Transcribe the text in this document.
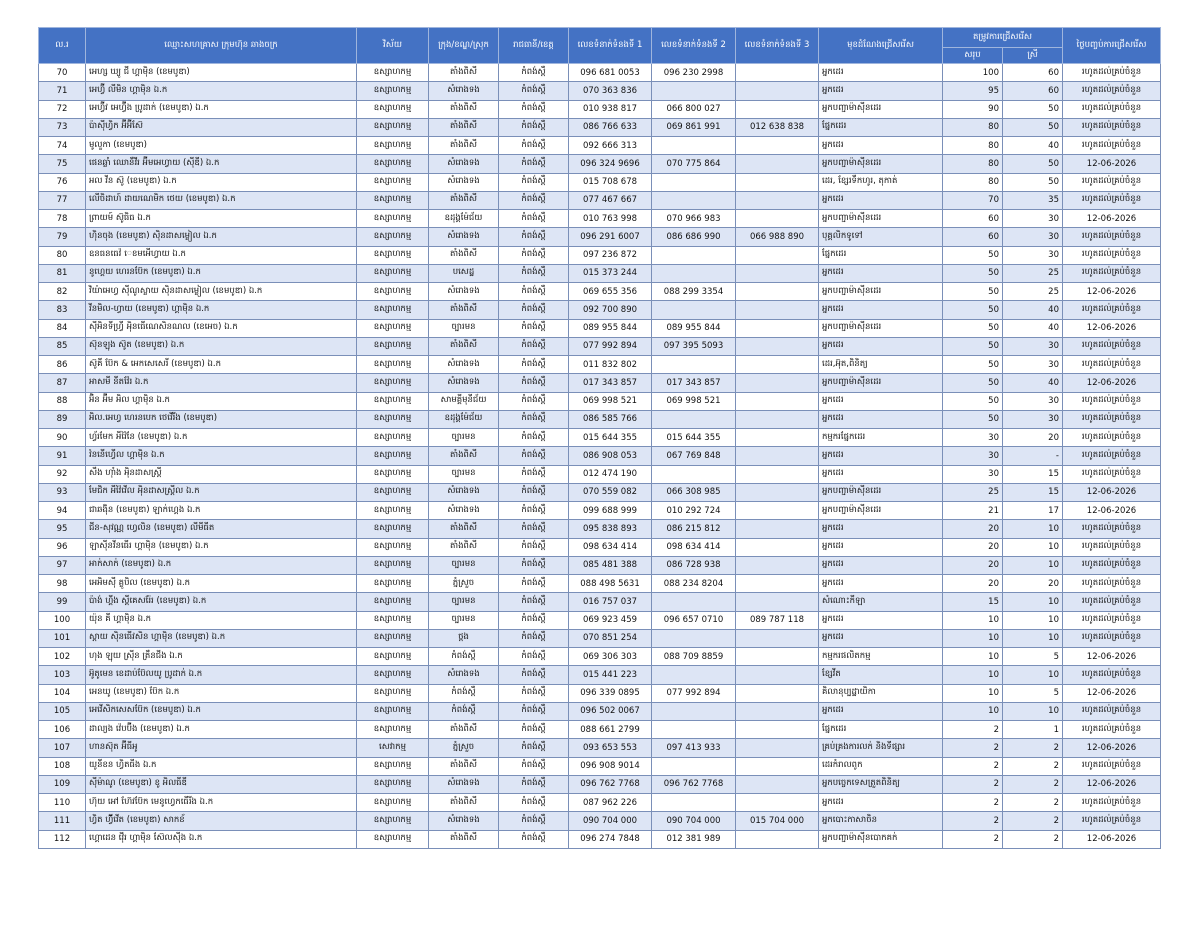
ល.រ	ឈ្មោះសហគ្រាស ក្រុមហ៊ុន ឆាងចក្រ	វិស័យ	ក្រុង/ខណ្ឌ/ស្រុក	រាជធានី/ខេត្ត	លេខទំនាក់ទំនងទី 1	លេខទំនាក់ទំនងទី 2	លេខទំនាក់ទំនងទី 3	មុខដំណែងជ្រើសរើស	តម្រូវការជ្រើសរើស		ថ្ងៃបញ្ចប់ការជ្រើសរើស
									សរុប	ស្រី	
70	អេហ្ស ឃ្យូ ជី ហ្គាម៉ិន (ខេមបូឌា)	ឧស្សាហកម្ម	តាំងពិសី	កំពង់ស្ពឺ	096 681 0053	096 230 2998		អ្នកដេរ	100	60	រហូតដល់គ្រប់ចំនួន
71	អេហ្វ៊ី លីមិន ហ្គាម៉ិន ឯ.ក	ឧស្សាហកម្ម	សំរោងទង	កំពង់ស្ពឺ	070 363 836			អ្នកដេរ	95	60	រហូតដល់គ្រប់ចំនួន
72	អេហ្វ៊ីវ អេហ្វ៊ីង ប្រូដាក់ (ខេមបូឌា) ឯ.ក	ឧស្សាហកម្ម	តាំងពិសី	កំពង់ស្ពឺ	010 938 817	066 800 027		អ្នកបញ្ជាម៉ាស៊ីនដេរ	90	50	រហូតដល់គ្រប់ចំនួន
73	ប៉ាស៊ីហ្វិក អ៊ីអ៊ីស៊ែ	ឧស្សាហកម្ម	តាំងពិសី	កំពង់ស្ពឺ	086 766 633	069 861 991	012 638 838	ផ្នែកដេរ	80	50	រហូតដល់គ្រប់ចំនួន
74	មូលួកា (ខេមបូឌា)	ឧស្សាហកម្ម	តាំងពិសី	កំពង់ស្ពឺ	092 666 313			អ្នកដេរ	80	40	រហូតដល់គ្រប់ចំនួន
75	ផេនឆ្លាំ ឈោនឹវីរ អ៊ីមអេហ្វាយ (ស៊ីឌី) ឯ.ក	ឧស្សាហកម្ម	សំរោងទង	កំពង់ស្ពឺ	096 324 9696	070 775 864		អ្នកបញ្ជាម៉ាស៊ីនដេរ	80	50	12-06-2026
76	អល វីន ស៊ូ (ខេមបូឌា) ឯ.ក	ឧស្សាហកម្ម	សំរោងទង	កំពង់ស្ពឺ	015 708 678			ដេរ, ខ្សែរទឹកហូរ, តុកាត់	80	50	រហូតដល់គ្រប់ចំនួន
77	លើចិដាហ៍ ដាយណេមិក ថេយ (ខេមបូឌា) ឯ.ក	ឧស្សាហកម្ម	តាំងពិសី	កំពង់ស្ពឺ	077 467 667			អ្នកដេរ	70	35	រហូតដល់គ្រប់ចំនួន
78	ព្រាយម៍ ស៊ូធិធ ឯ.ក	ឧស្សាហកម្ម	ឧដុង្គម៉ែជ័យ	កំពង់ស្ពឺ	010 763 998	070 966 983		អ្នកបញ្ជាម៉ាស៊ីនដេរ	60	30	12-06-2026
79	ហ៊ិនចុង (ខេមបូឌា) ស៊ិនដាសម្លៀល ឯ.ក	ឧស្សាហកម្ម	សំរោងទង	កំពង់ស្ពឺ	096 291 6007	086 686 990	066 988 890	បុគ្គលិកទូទៅ	60	30	រហូតដល់គ្រប់ចំនួន
80	ឧនធនធេវ៉ េខមអើហ្វាយ ឯ.ក	ឧស្សាហកម្ម	តាំងពិសី	កំពង់ស្ពឺ	097 236 872			ផ្នែកដេរ	50	30	រហូតដល់គ្រប់ចំនួន
81	នូហ្គេយ ហេរនប៊ែក (ខេមបូឌា) ឯ.ក	ឧស្សាហកម្ម	បសេដ្ឋ	កំពង់ស្ពឺ	015 373 244			អ្នកដេរ	50	25	រហូតដល់គ្រប់ចំនួន
82	វិយ៉ាអេហ្វ ស៊ីណូស្លាយ ស៊ិនដាសម្លៀល (ខេមបូឌា) ឯ.ក	ឧស្សាហកម្ម	សំរោងទង	កំពង់ស្ពឺ	069 655 356	088 299 3354		អ្នកបញ្ជាម៉ាស៊ីនដេរ	50	25	12-06-2026
83	វីនមិល-ហ្វាយ (ខេមបូឌា) ហ្គាម៉ិន ឯ.ក	ឧស្សាហកម្ម	តាំងពិសី	កំពង់ស្ពឺ	092 700 890			អ្នកដេរ	50	40	រហូតដល់គ្រប់ចំនួន
84	ស៊ីអិនទីហ្វ្រី អុិនធើណេសិនណល (ខេអេច) ឯ.ក	ឧស្សាហកម្ម	ច្បារមន	កំពង់ស្ពឺ	089 955 844	089 955 844		អ្នកបញ្ជាម៉ាស៊ីនដេរ	50	40	12-06-2026
85	ស៊ុនឡុង ស៊ូត (ខេមបូឌា) ឯ.ក	ឧស្សាហកម្ម	តាំងពិសី	កំពង់ស្ពឺ	077 992 894	097 395 5093		អ្នកដេរ	50	30	រហូតដល់គ្រប់ចំនួន
86	ស៊ូគី ប៊ែក & អេកសេសេរី (ខេមបូឌា) ឯ.ក	ឧស្សាហកម្ម	សំរោងទង	កំពង់ស្ពឺ	011 832 802			ដេរ,អ៊ុត,ពិនិត្យ	50	30	រហូតដល់គ្រប់ចំនួន
87	អាសមី នីតវ៉ែរ ឯ.ក	ឧស្សាហកម្ម	សំរោងទង	កំពង់ស្ពឺ	017 343 857	017 343 857		អ្នកបញ្ជាម៉ាស៊ីនដេរ	50	40	12-06-2026
88	អ៊ិន អ៊ីម អិល ហ្គាម៉ិន ឯ.ក	ឧស្សាហកម្ម	សាមគ្គីមុនីជ័យ	កំពង់ស្ពឺ	069 998 521	069 998 521		អ្នកដេរ	50	30	រហូតដល់គ្រប់ចំនួន
89	អិល.អេហ្វ ហេរនបេក ថេវើរីង (ខេមបូឌា)	ឧស្សាហកម្ម	ឧដុង្គម៉ែជ័យ	កំពង់ស្ពឺ	086 585 766			អ្នកដេរ	50	30	រហូតដល់គ្រប់ចំនួន
90	ហ្វ័រមែក អីវ៉ៃនែ (ខេមបូឌា) ឯ.ក	ឧស្សាហកម្ម	ច្បារមន	កំពង់ស្ពឺ	015 644 355	015 644 355		កម្មករផ្នែកដេរ	30	20	រហូតដល់គ្រប់ចំនួន
91	វ៉ននើហ្វើល ហ្គាម៉ិន ឯ.ក	ឧស្សាហកម្ម	តាំងពិសី	កំពង់ស្ពឺ	086 908 053	067 769 848		អ្នកដេរ	30	-	រហូតដល់គ្រប់ចំនួន
92	សឹង ហ៊ាំង អុិនដាសស្ត្រី	ឧស្សាហកម្ម	ច្បារមន	កំពង់ស្ពឺ	012 474 190			អ្នកដេរ	30	15	រហូតដល់គ្រប់ចំនួន
93	មែជិក អីវ៉ៃវើល អុិនដាសស្ត្រីល ឯ.ក	ឧស្សាហកម្ម	សំរោងទង	កំពង់ស្ពឺ	070 559 082	066 308 985		អ្នកបញ្ជាម៉ាស៊ីនដេរ	25	15	12-06-2026
94	ជាឆង៉ិន (ខេមបូឌា) ឡាក់ហ្គេង ឯ.ក	ឧស្សាហកម្ម	សំរោងទង	កំពង់ស្ពឺ	099 688 999	010 292 724		អ្នកបញ្ជាម៉ាស៊ីនដេរ	21	17	12-06-2026
95	ជីន-សុវណ្ណ ហ្វេលិន (ខេមបូឌា) លីមីធីត	ឧស្សាហកម្ម	តាំងពិសី	កំពង់ស្ពឺ	095 838 893	086 215 812		អ្នកដេរ	20	10	រហូតដល់គ្រប់ចំនួន
96	ឡាស៊ីនវីនធើរ ហ្គាម៉ិន (ខេមបូឌា) ឯ.ក	ឧស្សាហកម្ម	តាំងពិសី	កំពង់ស្ពឺ	098 634 414	098 634 414		អ្នកដេរ	20	10	រហូតដល់គ្រប់ចំនួន
97	អាក់សាក់ (ខេមបូឌា) ឯ.ក	ឧស្សាហកម្ម	ច្បារមន	កំពង់ស្ពឺ	085 481 388	086 728 938		អ្នកដេរ	20	10	រហូតដល់គ្រប់ចំនួន
98	អេអិមស៊ី គ្លូបិល (ខេមបូឌា) ឯ.ក	ឧស្សាហកម្ម	ភ្នំស្រួច	កំពង់ស្ពឺ	088 498 5631	088 234 8204		អ្នកដេរ	20	20	រហូតដល់គ្រប់ចំនួន
99	ប៉ាង់ ហ្គីង ស្តីគេសរ៉ែរ (ខេមបូឌា) ឯ.ក	ឧស្សាហកម្ម	ច្បារមន	កំពង់ស្ពឺ	016 757 037			សំណោះកីឡា	15	10	រហូតដល់គ្រប់ចំនួន
100	យ៉ុន គី ហ្គាម៉ិន ឯ.ក	ឧស្សាហកម្ម	ច្បារមន	កំពង់ស្ពឺ	069 923 459	096 657 0710	089 787 118	អ្នកដេរ	10	10	រហូតដល់គ្រប់ចំនួន
101	ស្តាយ ស៊ិនធើវសិន ហ្គាម៉ិន (ខេមបូឌា) ឯ.ក	ឧស្សាហកម្ម	ថ្ពង	កំពង់ស្ពឺ	070 851 254			អ្នកដេរ	10	10	រហូតដល់គ្រប់ចំនួន
102	ហុង ឡុយ ស្រ៊ីន ត្រឹនជីង ឯ.ក	ឧស្សាហកម្ម	កំពង់ស្ពឺ	កំពង់ស្ពឺ	069 306 303	088 709 8859		កម្មករផលិតកម្ម	10	5	12-06-2026
103	អ៊ូតូមេន ខេដាប់ប៊ែលយូ ប្រូដាក់ ឯ.ក	ឧស្សាហកម្ម	សំរោងទង	កំពង់ស្ពឺ	015 441 223			ខ្សែវីត	10	10	រហូតដល់គ្រប់ចំនួន
104	អេនឃូ (ខេមបូឌា) ប៊ែក ឯ.ក	ឧស្សាហកម្ម	កំពង់ស្ពឺ	កំពង់ស្ពឺ	096 339 0895	077 992 894		គិលានុប្បដ្ឋាយិកា	10	5	12-06-2026
105	អេវើសិកសេសប៊ែក (ខេមបូឌា) ឯ.ក	ឧស្សាហកម្ម	កំពង់ស្ពឺ	កំពង់ស្ពឺ	096 502 0067			អ្នកដេរ	10	10	រហូតដល់គ្រប់ចំនួន
106	ដាល្យង វ៉េបប៊ីង (ខេមបូឌា) ឯ.ក	ឧស្សាហកម្ម	តាំងពិសី	កំពង់ស្ពឺ	088 661 2799			ផ្នែកដេរ	2	1	រហូតដល់គ្រប់ចំនួន
107	ហានស៊ុត អ៊ីធីអូ	សេវាកម្ម	ភ្នំស្រួច	កំពង់ស្ពឺ	093 653 553	097 413 933		គ្រប់គ្រងការលក់ និងទីផ្សារ	2	2	12-06-2026
108	យូនីខន ហ្វិតធីង ឯ.ក	ឧស្សាហកម្ម	តាំងពិសី	កំពង់ស្ពឺ	096 908 9014			ដេរកំរាលពូក	2	2	រហូតដល់គ្រប់ចំនួន
109	ស៊ីម៉ាណូ (ខេមបូឌា) ខូ អិលធីឌី	ឧស្សាហកម្ម	សំរោងទង	កំពង់ស្ពឺ	096 762 7768	096 762 7768		អ្នកបច្ចេកទេសត្រួតពិនិត្យ	2	2	12-06-2026
110	ហ៊ុយ អៅ ហ៊ែវប៊ែក មេនូហ្វេកធើរីង ឯ.ក	ឧស្សាហកម្ម	តាំងពិសី	កំពង់ស្ពឺ	087 962 226			អ្នកដេរ	2	2	រហូតដល់គ្រប់ចំនួន
111	ហ្វិត ហ៊្វីវើត (ខេមបូឌា) សាកខ័	ឧស្សាហកម្ម	សំរោងទង	កំពង់ស្ពឺ	090 704 000	090 704 000	015 704 000	អ្នកបោះកាសាចិន	2	2	រហូតដល់គ្រប់ចំនួន
112	ហ្គោដេន វ៉ើរ ហ្គាម៉ិន ស៊ែលស៊ីង ឯ.ក	ឧស្សាហកម្ម	តាំងពិសី	កំពង់ស្ពឺ	096 274 7848	012 381 989		អ្នកបញ្ជាម៉ាស៊ីនបោកគក់	2	2	12-06-2026
